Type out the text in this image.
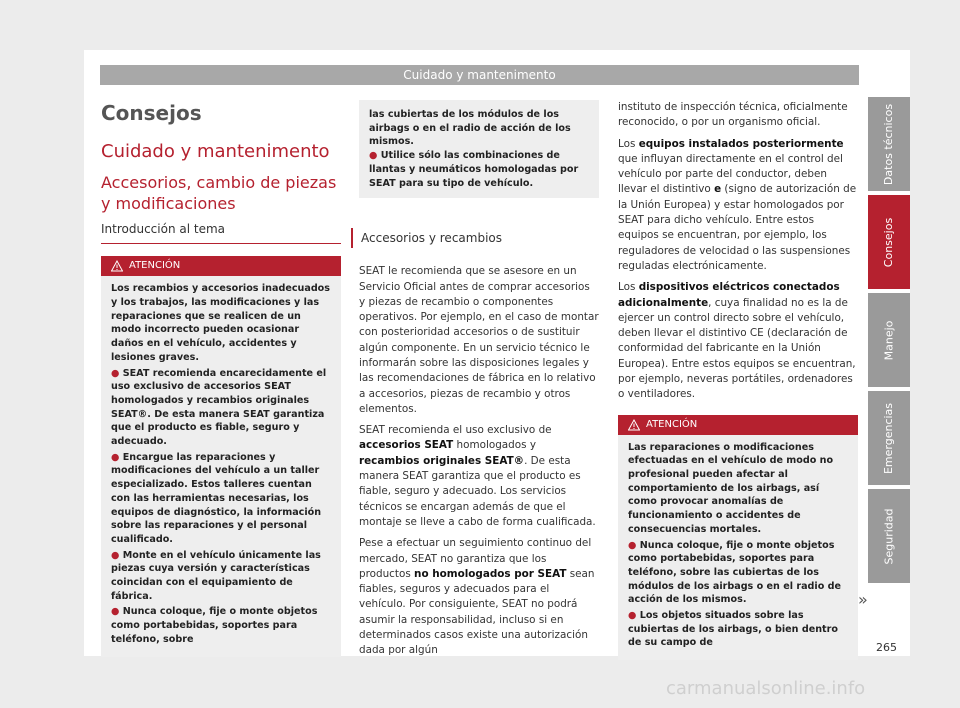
Cuidado y mantenimento
Consejos
Cuidado y mantenimento
Accesorios, cambio de piezas y modificaciones
Introducción al tema
ATENCIÓN

Los recambios y accesorios inadecuados y los trabajos, las modificaciones y las reparaciones que se realicen de un modo incorrecto pueden ocasionar daños en el vehículo, accidentes y lesiones graves.

● SEAT recomienda encarecidamente el uso exclusivo de accesorios SEAT homologados y recambios originales SEAT®. De esta manera SEAT garantiza que el producto es fiable, seguro y adecuado.

● Encargue las reparaciones y modificaciones del vehículo a un taller especializado. Estos talleres cuentan con las herramientas necesarias, los equipos de diagnóstico, la información sobre las reparaciones y el personal cualificado.

● Monte en el vehículo únicamente las piezas cuya versión y características coincidan con el equipamiento de fábrica.

● Nunca coloque, fije o monte objetos como portabebidas, soportes para teléfono, sobre

las cubiertas de los módulos de los airbags o en el radio de acción de los mismos.

● Utilice sólo las combinaciones de llantas y neumáticos homologadas por SEAT para su tipo de vehículo.

Accesorios y recambios

SEAT le recomienda que se asesore en un Servicio Oficial antes de comprar accesorios y piezas de recambio o componentes operativos. Por ejemplo, en el caso de montar con posterioridad accesorios o de sustituir algún componente. En un servicio técnico le informarán sobre las disposiciones legales y las recomendaciones de fábrica en lo relativo a accesorios, piezas de recambio y otros elementos.

SEAT recomienda el uso exclusivo de accesorios SEAT homologados y recambios originales SEAT®. De esta manera SEAT garantiza que el producto es fiable, seguro y adecuado. Los servicios técnicos se encargan además de que el montaje se lleve a cabo de forma cualificada.

Pese a efectuar un seguimiento continuo del mercado, SEAT no garantiza que los productos no homologados por SEAT sean fiables, seguros y adecuados para el vehículo. Por consiguiente, SEAT no podrá asumir la responsabilidad, incluso si en determinados casos existe una autorización dada por algún

instituto de inspección técnica, oficialmente reconocido, o por un organismo oficial.

Los equipos instalados posteriormente que influyan directamente en el control del vehículo por parte del conductor, deben llevar el distintivo e (signo de autorización de la Unión Europea) y estar homologados por SEAT para dicho vehículo. Entre estos equipos se encuentran, por ejemplo, los reguladores de velocidad o las suspensiones reguladas electrónicamente.

Los dispositivos eléctricos conectados adicionalmente, cuya finalidad no es la de ejercer un control directo sobre el vehículo, deben llevar el distintivo CE (declaración de conformidad del fabricante en la Unión Europea). Entre estos equipos se encuentran, por ejemplo, neveras portátiles, ordenadores o ventiladores.

ATENCIÓN

Las reparaciones o modificaciones efectuadas en el vehículo de modo no profesional pueden afectar al comportamiento de los airbags, así como provocar anomalías de funcionamiento o accidentes de consecuencias mortales.

● Nunca coloque, fije o monte objetos como portabebidas, soportes para teléfono, sobre las cubiertas de los módulos de los airbags o en el radio de acción de los mismos.

● Los objetos situados sobre las cubiertas de los airbags, o bien dentro de su campo de

»
Datos técnicos
Consejos
Manejo
Emergencias
Seguridad
265
carmanualsonline.info
